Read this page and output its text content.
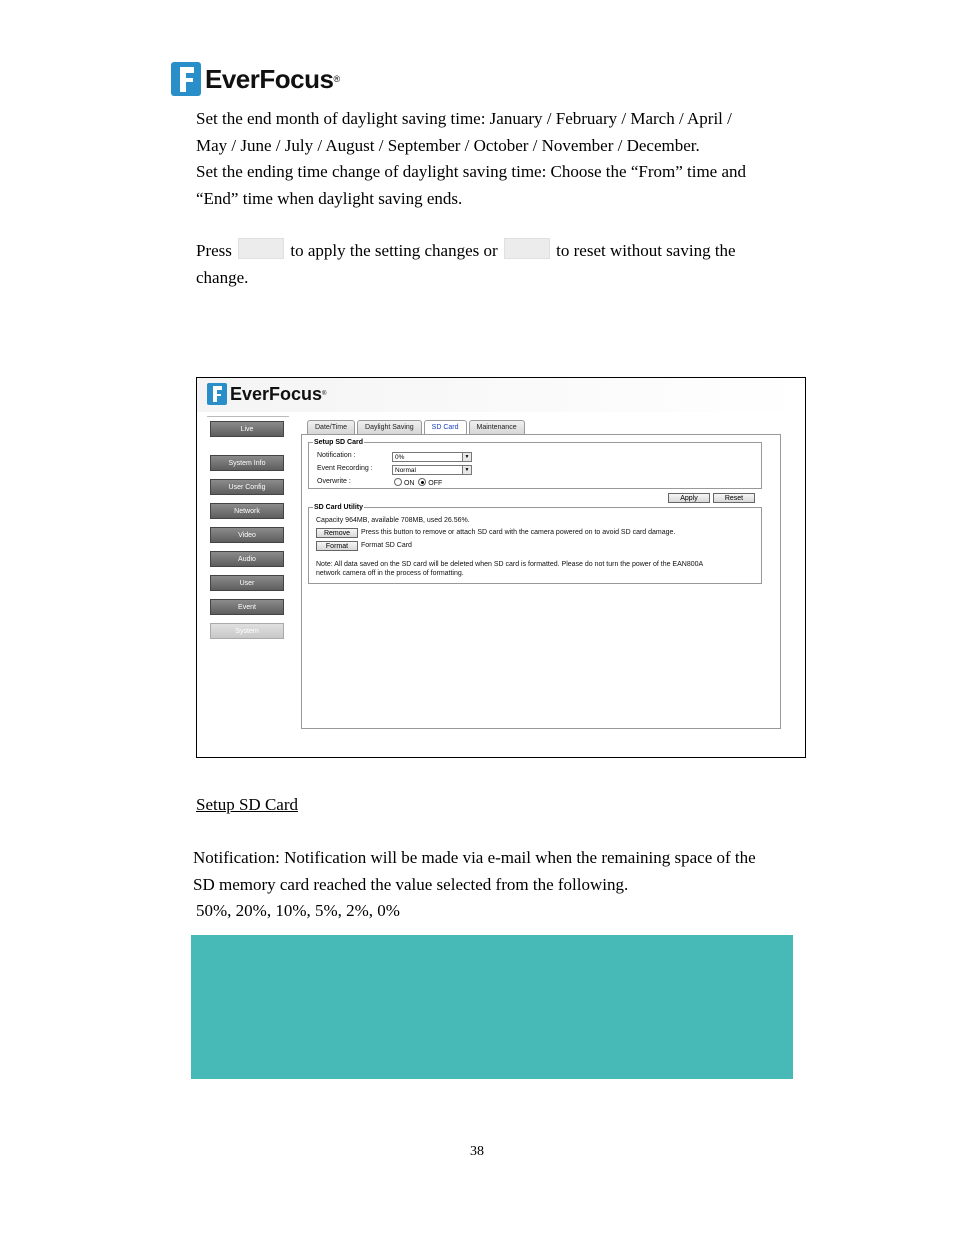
EverFocus ®
Set the end month of daylight saving time: January / February / March / April /
May / June / July / August / September / October / November / December.
Set the ending time change of daylight saving time: Choose the “From” time and
“End” time when daylight saving ends.
Press	to apply the setting changes or	to reset without saving the
change.
EverFocus ®
Live
System Info
User Config
Network
Video
Audio
User
Event
System
Date/Time	Daylight Saving	SD Card	Maintenance
Setup SD Card
Notification :	0%	▼
Event Recording :	Normal	▼
Overwrite :	ON OFF
Apply	Reset
SD Card Utility
Capacity 964MB, available 708MB, used 26.56%.
Remove	Press this button to remove or attach SD card with the camera powered on to avoid SD card damage.
Format	Format SD Card
Note: All data saved on the SD card will be deleted when SD card is formatted. Please do not turn the power of the EAN800A
network camera off in the process of formatting.
Setup SD Card
Notification: Notification will be made via e-mail when the remaining space of the
SD memory card reached the value selected from the following.
50%, 20%, 10%, 5%, 2%, 0%
38
